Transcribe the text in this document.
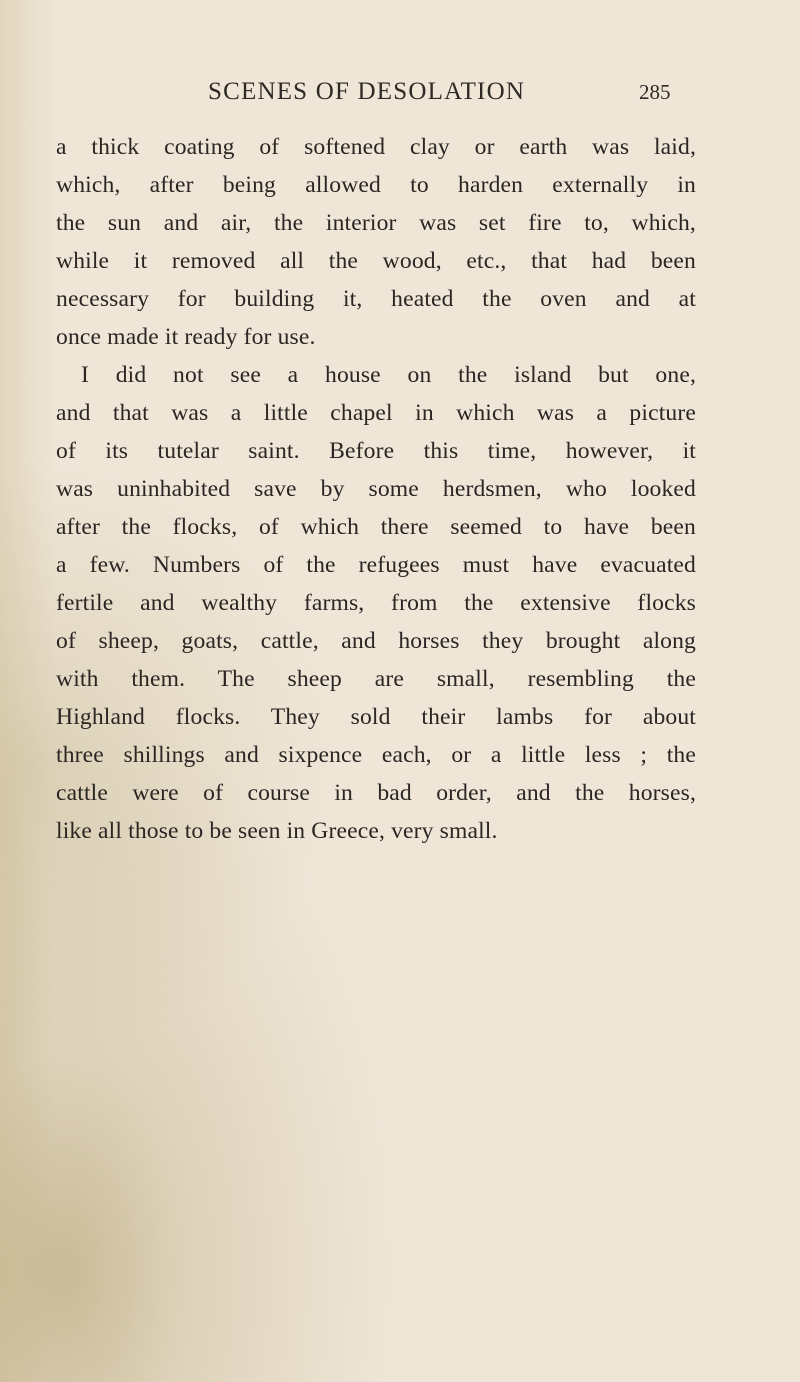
SCENES OF DESOLATION	285
a thick coating of softened clay or earth was laid,
which, after being allowed to harden externally in
the sun and air, the interior was set fire to, which,
while it removed all the wood, etc., that had been
necessary for building it, heated the oven and at
once made it ready for use.
I did not see a house on the island but one,
and that was a little chapel in which was a picture
of its tutelar saint. Before this time, however, it
was uninhabited save by some herdsmen, who looked
after the flocks, of which there seemed to have been
a few. Numbers of the refugees must have evacuated
fertile and wealthy farms, from the extensive flocks
of sheep, goats, cattle, and horses they brought along
with them. The sheep are small, resembling the
Highland flocks. They sold their lambs for about
three shillings and sixpence each, or a little less ; the
cattle were of course in bad order, and the horses,
like all those to be seen in Greece, very small.
